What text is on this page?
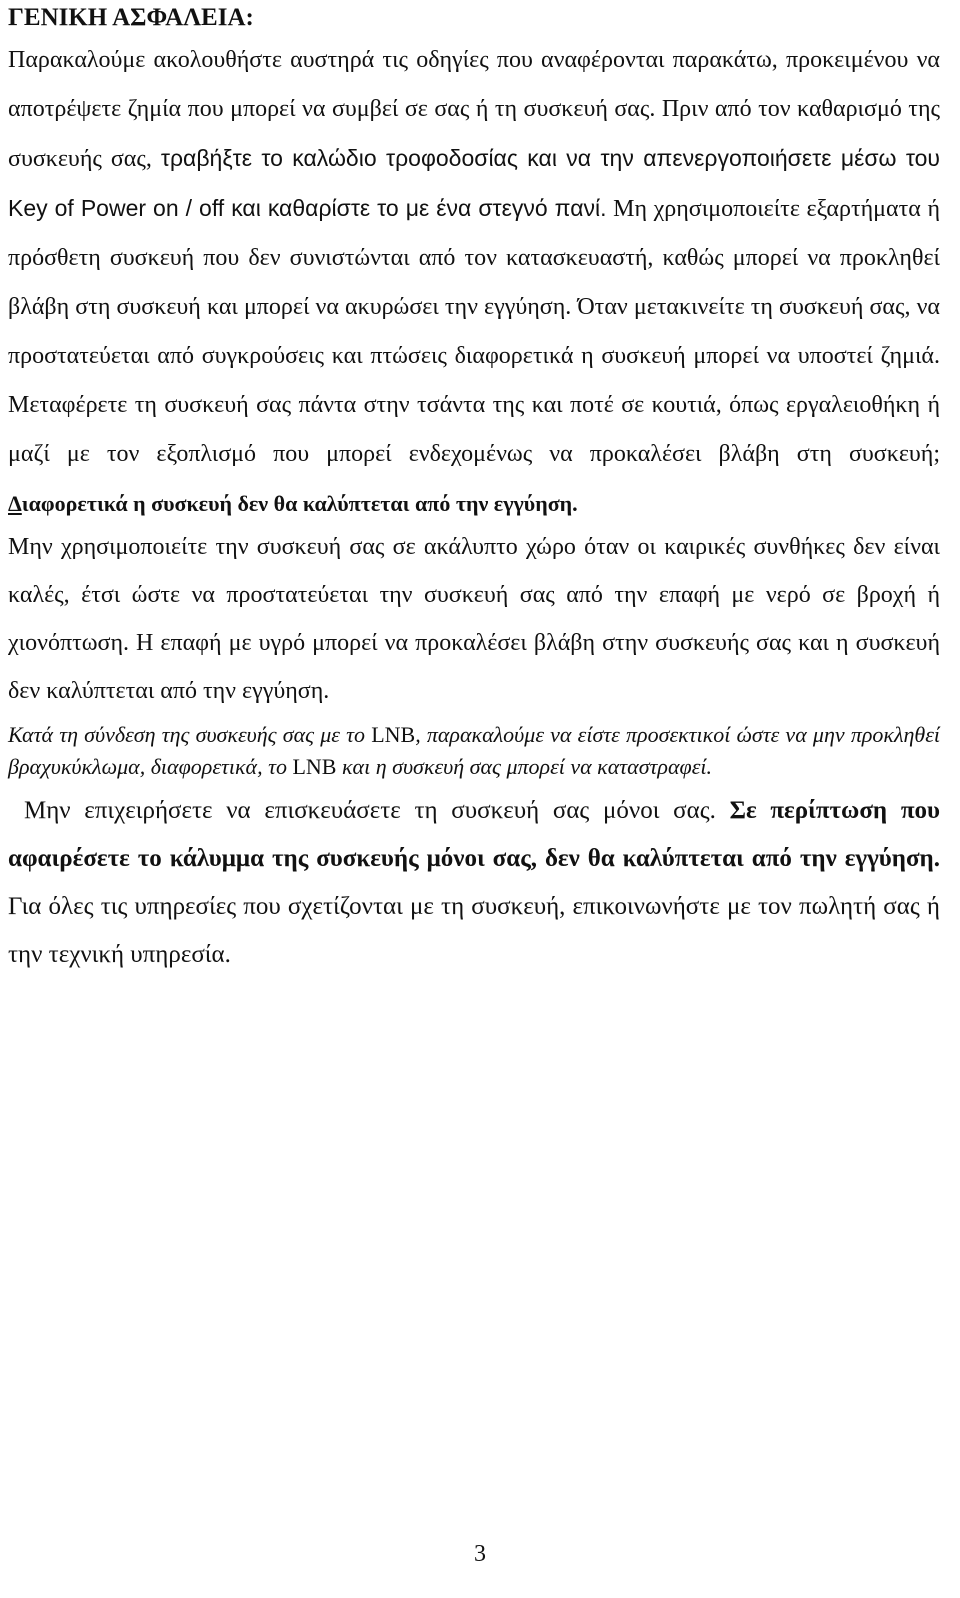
ΓΕΝΙΚΗ ΑΣΦΑΛΕΙΑ:

Παρακαλούμε ακολουθήστε αυστηρά τις οδηγίες που αναφέρονται παρακάτω, προκειμένου να αποτρέψετε ζημία που μπορεί να συμβεί σε σας ή τη συσκευή σας. Πριν από τον καθαρισμό της συσκευής σας, τραβήξτε το καλώδιο τροφοδοσίας και να την απενεργοποιήσετε μέσω του Key of Power on / off και καθαρίστε το με ένα στεγνό πανί. Μη χρησιμοποιείτε εξαρτήματα ή πρόσθετη συσκευή που δεν συνιστώνται από τον κατασκευαστή, καθώς μπορεί να προκληθεί βλάβη στη συσκευή και μπορεί να ακυρώσει την εγγύηση. Όταν μετακινείτε τη συσκευή σας, να προστατεύεται από συγκρούσεις και πτώσεις διαφορετικά η συσκευή μπορεί να υποστεί ζημιά. Μεταφέρετε τη συσκευή σας πάντα στην τσάντα της και ποτέ σε κουτιά, όπως εργαλειοθήκη ή μαζί με τον εξοπλισμό που μπορεί ενδεχομένως να προκαλέσει βλάβη στη συσκευή; Διαφορετικά η συσκευή δεν θα καλύπτεται από την εγγύηση.

Μην χρησιμοποιείτε την συσκευή σας σε ακάλυπτο χώρο όταν οι καιρικές συνθήκες δεν είναι καλές, έτσι ώστε να προστατεύεται την συσκευή σας από την επαφή με νερό σε βροχή ή χιονόπτωση. Η επαφή με υγρό μπορεί να προκαλέσει βλάβη στην συσκευής σας και η συσκευή δεν καλύπτεται από την εγγύηση.

Κατά τη σύνδεση της συσκευής σας με το LNB, παρακαλούμε να είστε προσεκτικοί ώστε να μην προκληθεί βραχυκύκλωμα, διαφορετικά, το LNB και η συσκευή σας μπορεί να καταστραφεί.

Μην επιχειρήσετε να επισκευάσετε τη συσκευή σας μόνοι σας. Σε περίπτωση που αφαιρέσετε το κάλυμμα της συσκευής μόνοι σας, δεν θα καλύπτεται από την εγγύηση. Για όλες τις υπηρεσίες που σχετίζονται με τη συσκευή, επικοινωνήστε με τον πωλητή σας ή την τεχνική υπηρεσία.

3
